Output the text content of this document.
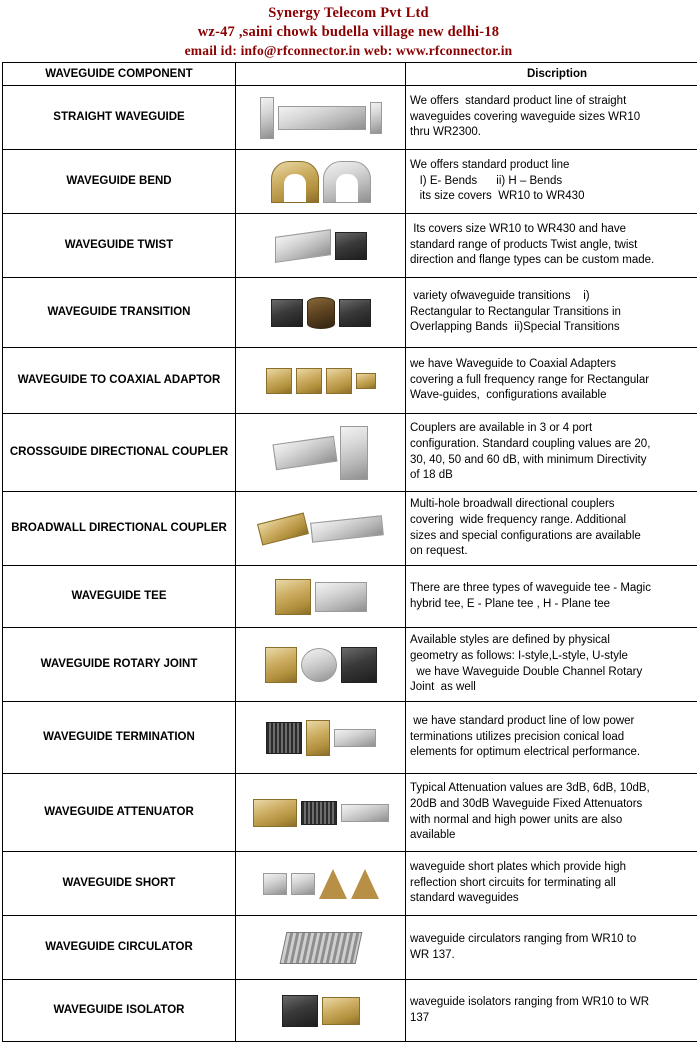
Synergy Telecom Pvt Ltd
wz-47 ,saini chowk budella village new delhi-18
email id: info@rfconnector.in web: www.rfconnector.in
WAVEGUIDE COMPONENT		Discription
STRAIGHT WAVEGUIDE		We offers  standard product line of straight
waveguides covering waveguide sizes WR10
thru WR2300.

WAVEGUIDE BEND		We offers standard product line
I) E- Bends      ii) H – Bends
its size covers  WR10 to WR430

WAVEGUIDE TWIST		Its covers size WR10 to WR430 and have
standard range of products Twist angle, twist
direction and flange types can be custom made.

WAVEGUIDE TRANSITION		variety ofwaveguide transitions    i)
Rectangular to Rectangular Transitions in
Overlapping Bands  ii)Special Transitions

WAVEGUIDE TO COAXIAL ADAPTOR		we have Waveguide to Coaxial Adapters
covering a full frequency range for Rectangular
Wave-guides,  configurations available

CROSSGUIDE DIRECTIONAL COUPLER		Couplers are available in 3 or 4 port
configuration. Standard coupling values are 20,
30, 40, 50 and 60 dB, with minimum Directivity
of 18 dB

BROADWALL DIRECTIONAL COUPLER		Multi-hole broadwall directional couplers
covering  wide frequency range. Additional
sizes and special configurations are available
on request.

WAVEGUIDE TEE		There are three types of waveguide tee - Magic
hybrid tee, E - Plane tee , H - Plane tee

WAVEGUIDE ROTARY JOINT		Available styles are defined by physical
geometry as follows: I-style,L-style, U-style
we have Waveguide Double Channel Rotary
Joint  as well

WAVEGUIDE TERMINATION		we have standard product line of low power
terminations utilizes precision conical load
elements for optimum electrical performance.

WAVEGUIDE ATTENUATOR		Typical Attenuation values are 3dB, 6dB, 10dB,
20dB and 30dB Waveguide Fixed Attenuators
with normal and high power units are also
available

WAVEGUIDE SHORT		waveguide short plates which provide high
reflection short circuits for terminating all
standard waveguides

WAVEGUIDE CIRCULATOR		waveguide circulators ranging from WR10 to
WR 137.

WAVEGUIDE ISOLATOR		waveguide isolators ranging from WR10 to WR
137
